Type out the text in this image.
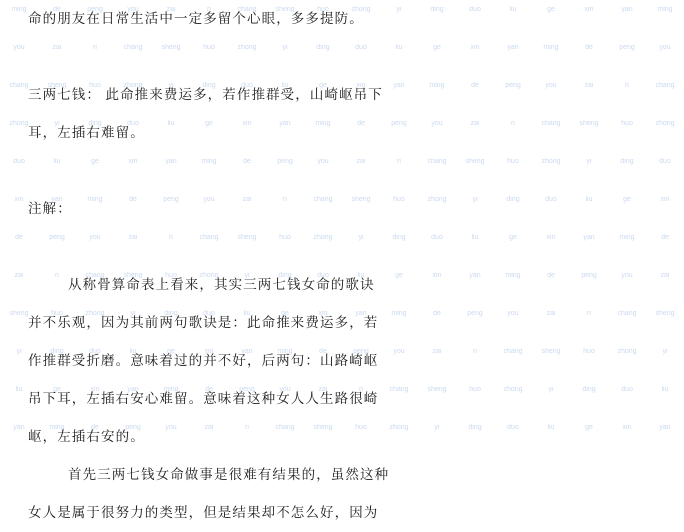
ming	de	peng	you	zai	ri	chang	sheng	huo	zhong	yi	ding	duo	liu	ge	xin	yan	ming
you	zai	ri	chang	sheng	huo	zhong	yi	ding	duo	liu	ge	xin	yan	ming	de	peng	you
chang	sheng	huo	zhong	yi	ding	duo	liu	ge	xin	yan	ming	de	peng	you	zai	ri	chang
zhong	yi	ding	duo	liu	ge	xin	yan	ming	de	peng	you	zai	ri	chang	sheng	huo	zhong
duo	liu	ge	xin	yan	ming	de	peng	you	zai	ri	chang	sheng	huo	zhong	yi	ding	duo
xin	yan	ming	de	peng	you	zai	ri	chang	sheng	huo	zhong	yi	ding	duo	liu	ge	xin
de	peng	you	zai	ri	chang	sheng	huo	zhong	yi	ding	duo	liu	ge	xin	yan	ming	de
zai	ri	chang	sheng	huo	zhong	yi	ding	duo	liu	ge	xin	yan	ming	de	peng	you	zai
sheng	huo	zhong	yi	ding	duo	liu	ge	xin	yan	ming	de	peng	you	zai	ri	chang	sheng
yi	ding	duo	liu	ge	xin	yan	ming	de	peng	you	zai	ri	chang	sheng	huo	zhong	yi
liu	ge	xin	yan	ming	de	peng	you	zai	ri	chang	sheng	huo	zhong	yi	ding	duo	liu
yan	ming	de	peng	you	zai	ri	chang	sheng	huo	zhong	yi	ding	duo	liu	ge	xin	yan
命的朋友在日常生活中一定多留个心眼，多多提防。
三两七钱： 此命推来费运多，若作推群受，山崎岖吊下
耳，左插右难留。
注解：
从称骨算命表上看来，其实三两七钱女命的歌诀
并不乐观，因为其前两句歌诀是：此命推来费运多，若
作推群受折磨。意味着过的并不好，后两句：山路崎岖
吊下耳，左插右安心难留。意味着这种女人人生路很崎
岖，左插右安的。
首先三两七钱女命做事是很难有结果的，虽然这种
女人是属于很努力的类型，但是结果却不怎么好，因为
